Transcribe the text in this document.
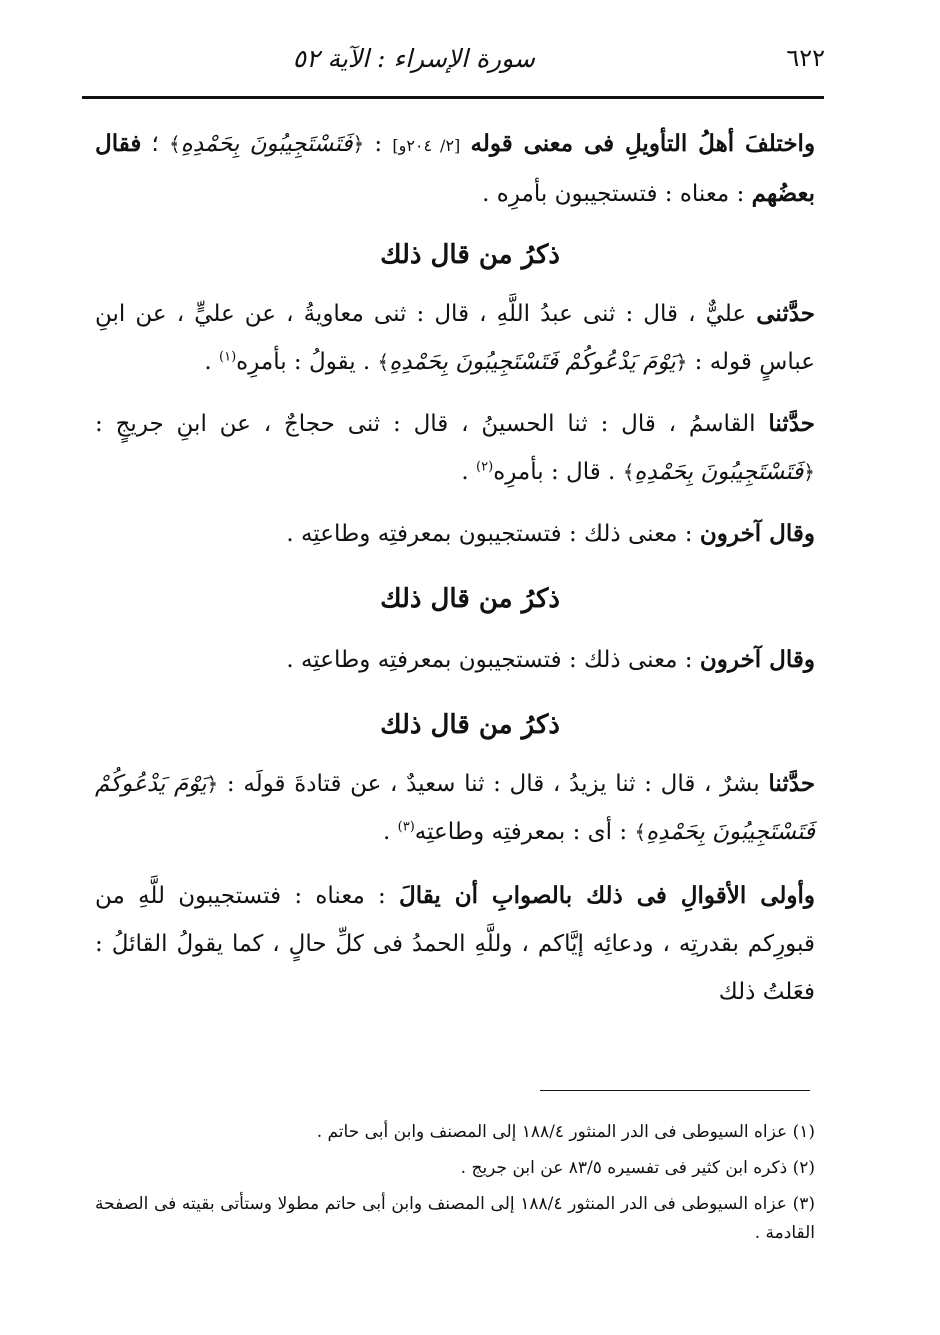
٦٢٢
سورة الإسراء : الآية ٥٢

واختلفَ أهلُ التأويلِ فى معنى قوله [٢/ ٢٠٤و] : ﴿فَتَسْتَجِيبُونَ بِحَمْدِهِ﴾ ؛ فقال بعضُهم : معناه : فتستجيبون بأمرِه .

ذكرُ من قال ذلك

حدَّثنى عليٌّ ، قال : ثنى عبدُ اللَّهِ ، قال : ثنى معاويةُ ، عن عليٍّ ، عن ابنِ عباسٍ قوله : ﴿يَوْمَ يَدْعُوكُمْ فَتَسْتَجِيبُونَ بِحَمْدِهِ﴾ . يقولُ : بأمرِه$^{(١)}$ .

حدَّثنا القاسمُ ، قال : ثنا الحسينُ ، قال : ثنى حجاجٌ ، عن ابنِ جريجٍ : ﴿فَتَسْتَجِيبُونَ بِحَمْدِهِ﴾ . قال : بأمرِه$^{(٢)}$ .

وقال آخرون : معنى ذلك : فتستجيبون بمعرفتِه وطاعتِه .

ذكرُ من قال ذلك

وقال آخرون : معنى ذلك : فتستجيبون بمعرفتِه وطاعتِه .

ذكرُ من قال ذلك

حدَّثنا بشرٌ ، قال : ثنا يزيدُ ، قال : ثنا سعيدٌ ، عن قتادةَ قولَه : ﴿يَوْمَ يَدْعُوكُمْ فَتَسْتَجِيبُونَ بِحَمْدِهِ﴾ : أى : بمعرفتِه وطاعتِه$^{(٣)}$ .

وأولى الأقوالِ فى ذلك بالصوابِ أن يقالَ : معناه : فتستجيبون للَّهِ من قبورِكم بقدرتِه ، ودعائِه إيَّاكم ، وللَّهِ الحمدُ فى كلِّ حالٍ ، كما يقولُ القائلُ : فعَلتُ ذلك

(١) عزاه السيوطى فى الدر المنثور ١٨٨/٤ إلى المصنف وابن أبى حاتم .

(٢) ذكره ابن كثير فى تفسيره ٨٣/٥ عن ابن جريج .

(٣) عزاه السيوطى فى الدر المنثور ١٨٨/٤ إلى المصنف وابن أبى حاتم مطولا وستأتى بقيته فى الصفحة القادمة .
